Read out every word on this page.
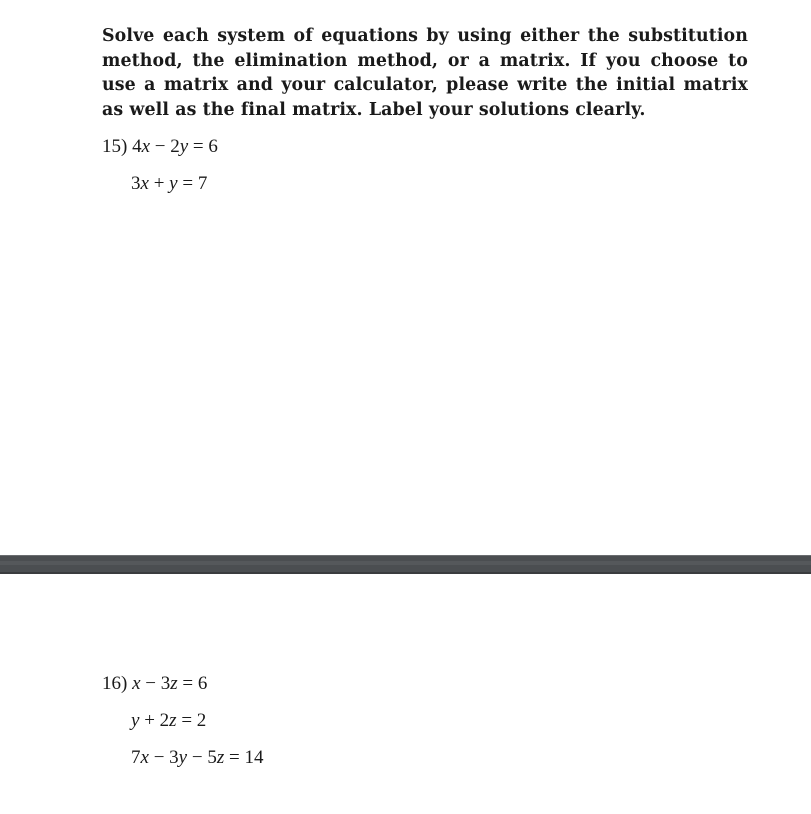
Solve each system of equations by using either the substitution method, the elimination method, or a matrix. If you choose to use a matrix and your calculator, please write the initial matrix as well as the final matrix. Label your solutions clearly.

15) 4x − 2y = 6
3x + y = 7
16) x − 3z = 6
y + 2z = 2
7x − 3y − 5z = 14
